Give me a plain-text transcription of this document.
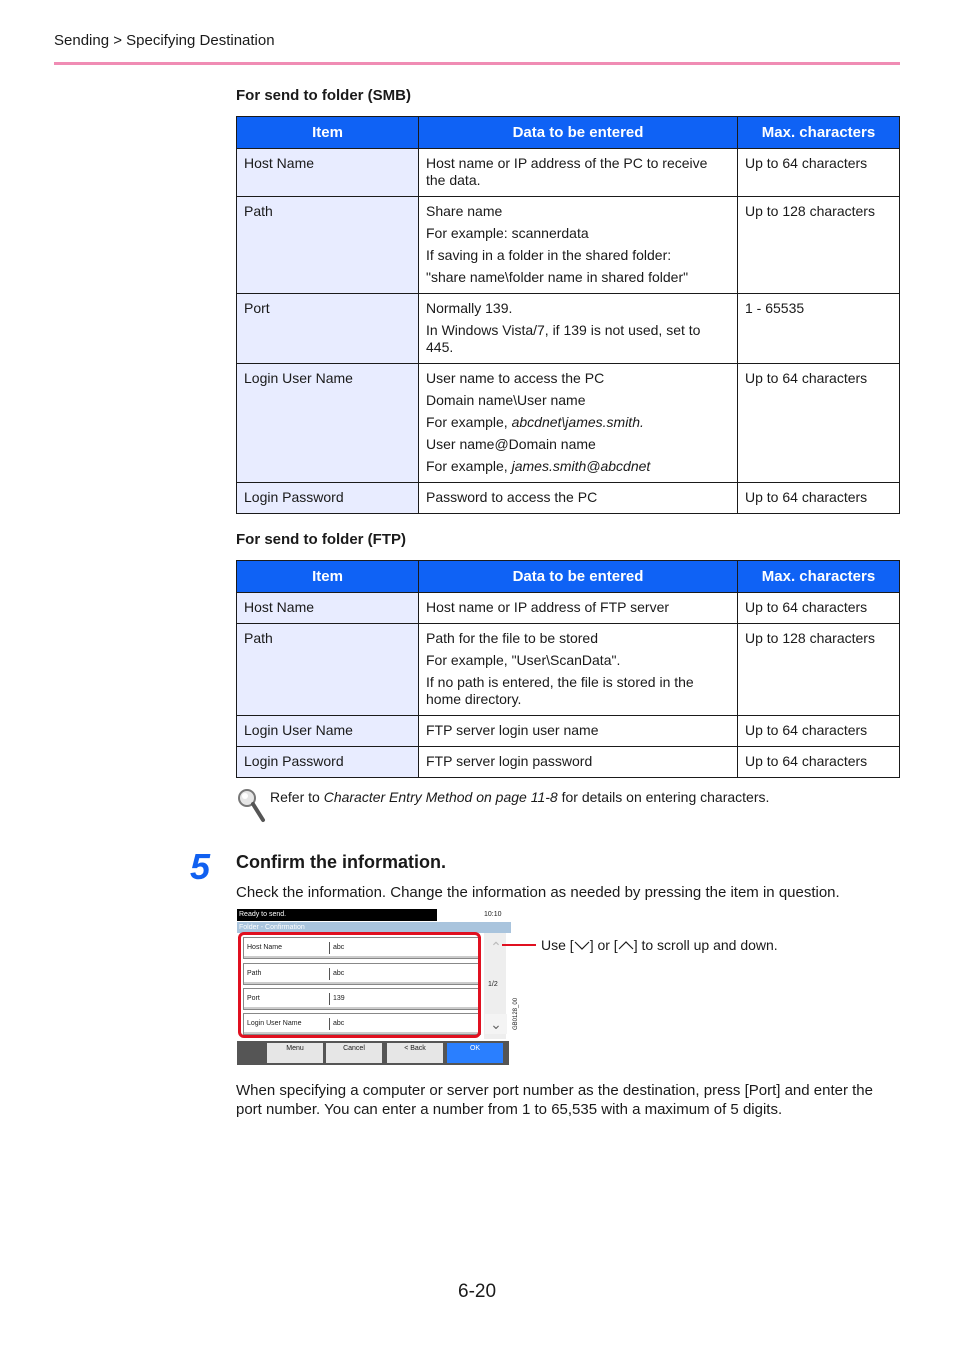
Sending > Specifying Destination
For send to folder (SMB)
Item	Data to be entered	Max. characters
Host Name	Host name or IP address of the PC to receive the data.	Up to 64 characters
Path	Share name

For example: scannerdata

If saving in a folder in the shared folder:

"share name\folder name in shared folder"	Up to 128 characters
Port	Normally 139.

In Windows Vista/7, if 139 is not used, set to 445.	1 - 65535
Login User Name	User name to access the PC

Domain name\User name

For example, abcdnet\james.smith.

User name@Domain name

For example, james.smith@abcdnet	Up to 64 characters
Login Password	Password to access the PC	Up to 64 characters
For send to folder (FTP)
Item	Data to be entered	Max. characters
Host Name	Host name or IP address of FTP server	Up to 64 characters
Path	Path for the file to be stored

For example, "User\ScanData".

If no path is entered, the file is stored in the home directory.	Up to 128 characters
Login User Name	FTP server login user name	Up to 64 characters
Login Password	FTP server login password	Up to 64 characters
Refer to Character Entry Method on page 11-8 for details on entering characters.
5 Confirm the information.
Check the information. Change the information as needed by pressing the item in question.
Ready to send.	10:10
Folder - Confirmation
Host Name	abc
Path	abc
Port	139
Login User Name	abc
⌃
1/2
⌄
Menu	Cancel	< Back	OK
GB0128_00
Use [ ] or [ ] to scroll up and down.
When specifying a computer or server port number as the destination, press [Port] and enter the port number. You can enter a number from 1 to 65,535 with a maximum of 5 digits.
6-20
